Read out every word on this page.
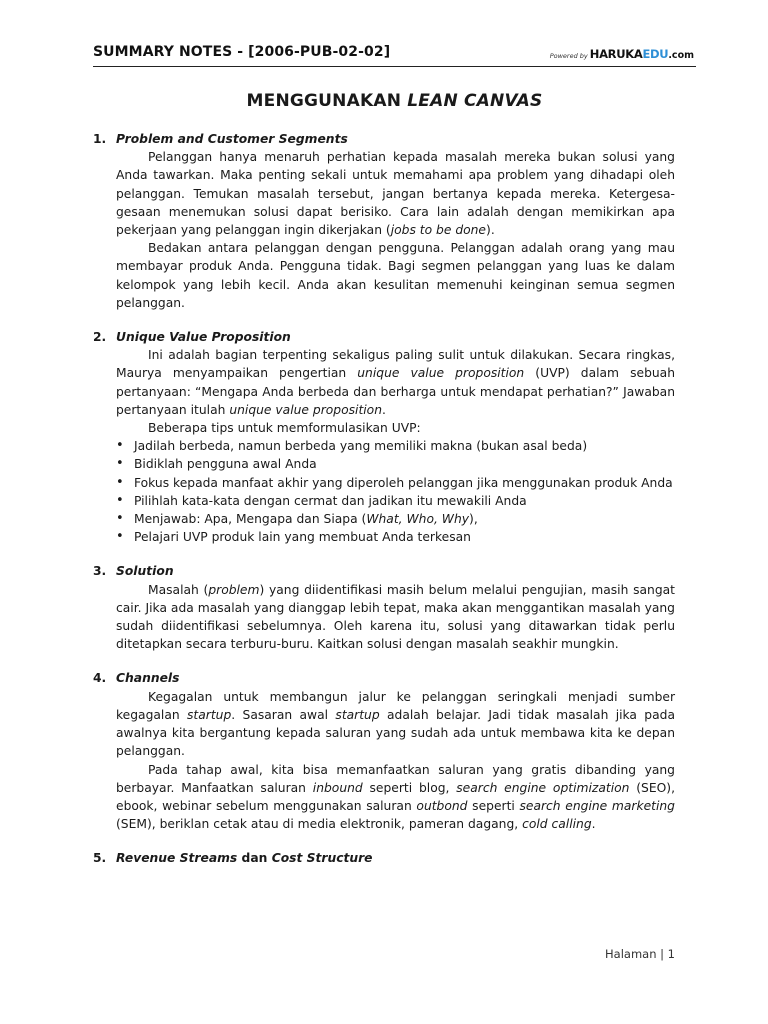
SUMMARY NOTES - [2006-PUB-02-02]	Powered by HARUKA EDU .com
MENGGUNAKAN LEAN CANVAS
1. Problem and Customer Segments

Pelanggan hanya menaruh perhatian kepada masalah mereka bukan solusi yang Anda tawarkan. Maka penting sekali untuk memahami apa problem yang dihadapi oleh pelanggan. Temukan masalah tersebut, jangan bertanya kepada mereka. Ketergesa-gesaan menemukan solusi dapat berisiko. Cara lain adalah dengan memikirkan apa pekerjaan yang pelanggan ingin dikerjakan (jobs to be done).

Bedakan antara pelanggan dengan pengguna. Pelanggan adalah orang yang mau membayar produk Anda. Pengguna tidak. Bagi segmen pelanggan yang luas ke dalam kelompok yang lebih kecil. Anda akan kesulitan memenuhi keinginan semua segmen pelanggan.

2. Unique Value Proposition

Ini adalah bagian terpenting sekaligus paling sulit untuk dilakukan. Secara ringkas, Maurya menyampaikan pengertian unique value proposition (UVP) dalam sebuah pertanyaan: “Mengapa Anda berbeda dan berharga untuk mendapat perhatian?” Jawaban pertanyaan itulah unique value proposition.

Beberapa tips untuk memformulasikan UVP:

• Jadilah berbeda, namun berbeda yang memiliki makna (bukan asal beda)
• Bidiklah pengguna awal Anda
• Fokus kepada manfaat akhir yang diperoleh pelanggan jika menggunakan produk Anda
• Pilihlah kata-kata dengan cermat dan jadikan itu mewakili Anda
• Menjawab: Apa, Mengapa dan Siapa (What, Who, Why),
• Pelajari UVP produk lain yang membuat Anda terkesan
3. Solution

Masalah (problem) yang diidentifikasi masih belum melalui pengujian, masih sangat cair. Jika ada masalah yang dianggap lebih tepat, maka akan menggantikan masalah yang sudah diidentifikasi sebelumnya. Oleh karena itu, solusi yang ditawarkan tidak perlu ditetapkan secara terburu-buru. Kaitkan solusi dengan masalah seakhir mungkin.

4. Channels

Kegagalan untuk membangun jalur ke pelanggan seringkali menjadi sumber kegagalan startup. Sasaran awal startup adalah belajar. Jadi tidak masalah jika pada awalnya kita bergantung kepada saluran yang sudah ada untuk membawa kita ke depan pelanggan.

Pada tahap awal, kita bisa memanfaatkan saluran yang gratis dibanding yang berbayar. Manfaatkan saluran inbound seperti blog, search engine optimization (SEO), ebook, webinar sebelum menggunakan saluran outbond seperti search engine marketing (SEM), beriklan cetak atau di media elektronik, pameran dagang, cold calling.

5. Revenue Streams dan Cost Structure
Halaman | 1
